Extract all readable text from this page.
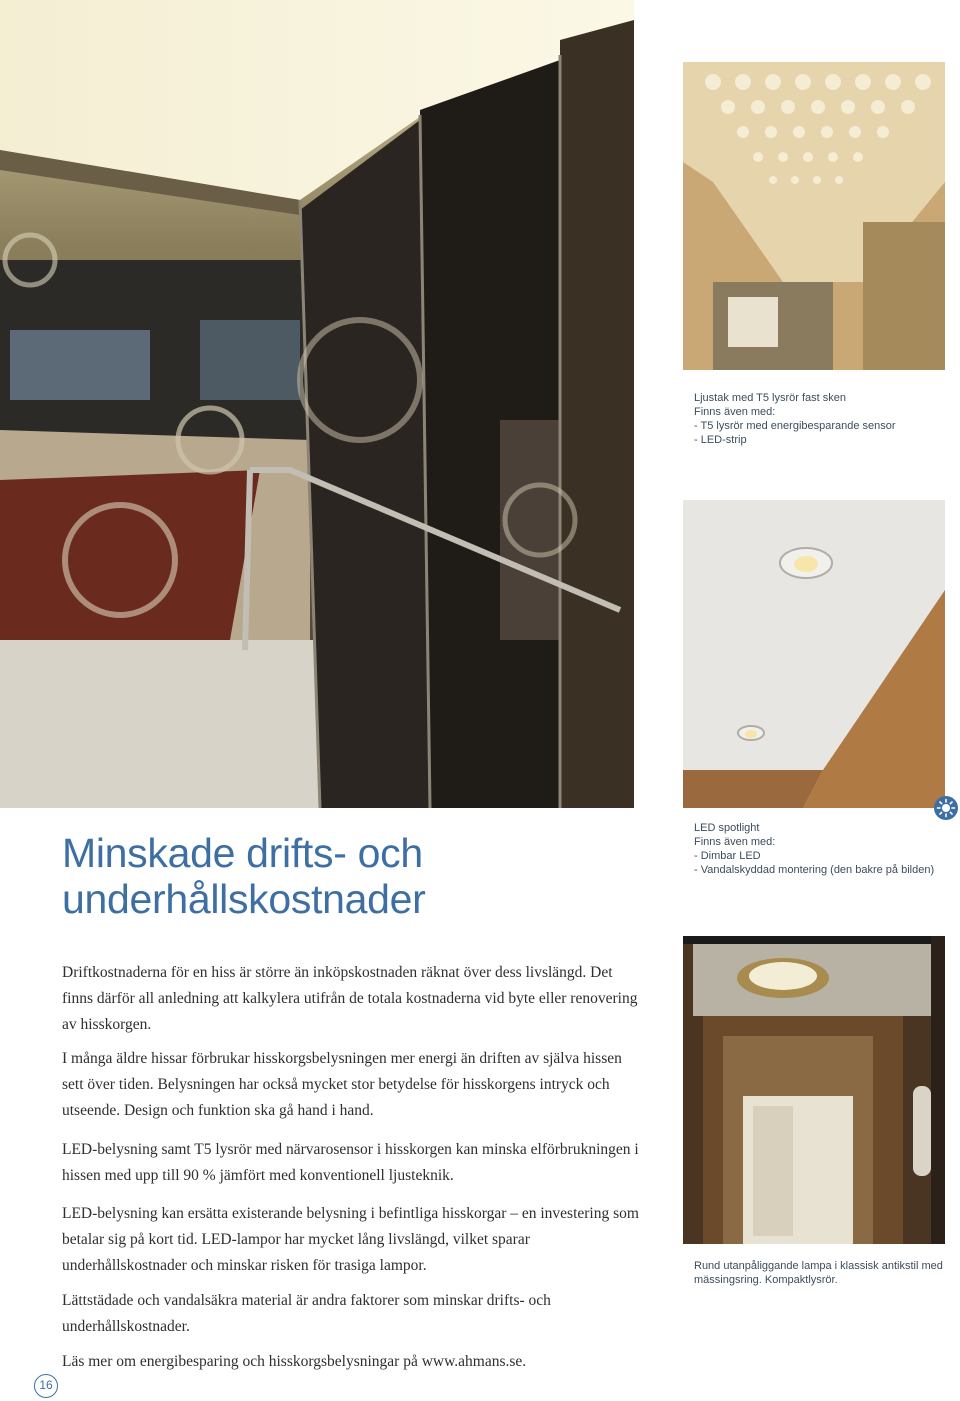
Ljustak med T5 lysrör fast sken
Finns även med:
- T5 lysrör med energibesparande sensor
- LED-strip
LED spotlight
Finns även med:
- Dimbar LED
- Vandalskyddad montering (den bakre på bilden)
Rund utanpåliggande lampa i klassisk antikstil med mässingsring. Kompaktlysrör.
Minskade drifts- och
underhållskostnader

Driftkostnaderna för en hiss är större än inköpskostnaden räknat över dess livslängd. Det finns därför all anledning att kalkylera utifrån de totala kostnaderna vid byte eller renovering av hisskorgen.

I många äldre hissar förbrukar hisskorgsbelysningen mer energi än driften av själva hissen sett över tiden. Belysningen har också mycket stor betydelse för hisskorgens intryck och utseende. Design och funktion ska gå hand i hand.

LED-belysning samt T5 lysrör med närvarosensor i hisskorgen kan minska elförbrukningen i hissen med upp till 90 % jämfört med konventionell ljusteknik.

LED-belysning kan ersätta existerande belysning i befintliga hisskorgar – en investering som betalar sig på kort tid. LED-lampor har mycket lång livslängd, vilket sparar underhållskostnader och minskar risken för trasiga lampor.

Lättstädade och vandalsäkra material är andra faktorer som minskar drifts- och underhållskostnader.

Läs mer om energibesparing och hisskorgsbelysningar på www.ahmans.se.

16
